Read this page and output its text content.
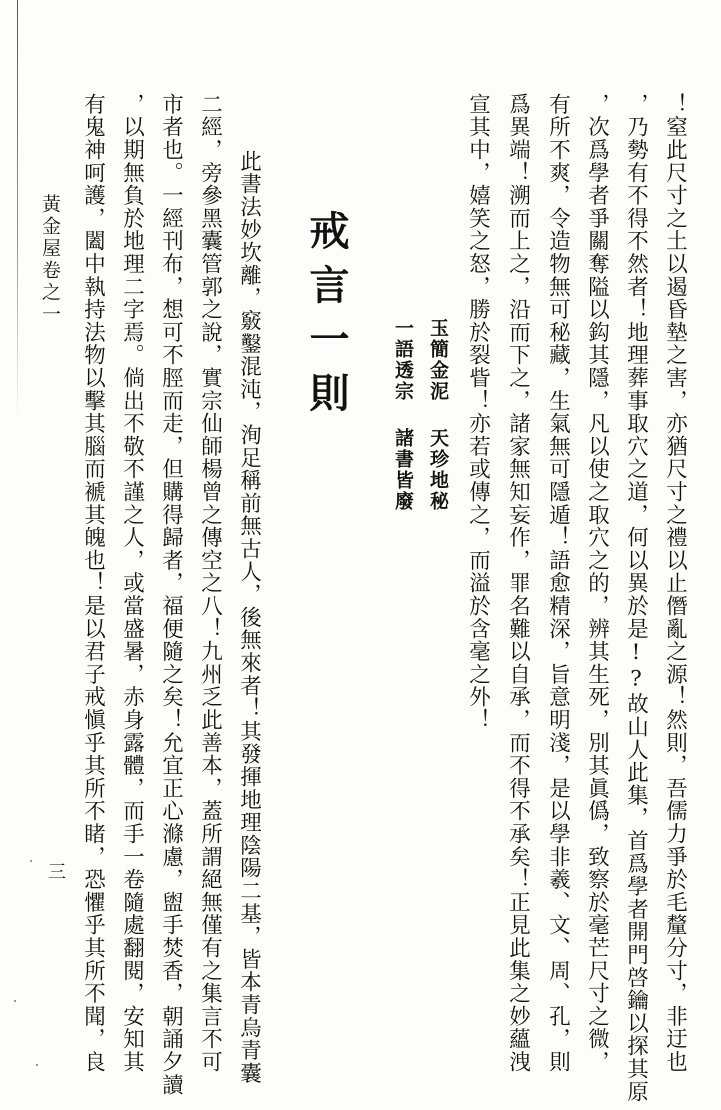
！窒此尺寸之土以遏昏墊之害，亦猶尺寸之禮以止僭亂之源！然則，吾儒力爭於毛釐分寸，非迂也
，乃勢有不得不然者！地理葬事取穴之道，何以異於是!?故山人此集，首爲學者開門啓鑰以探其原
，次爲學者爭關奪隘以鈎其隱，凡以使之取穴之的，辨其生死，別其眞僞，致察於毫芒尺寸之微，
有所不爽，令造物無可秘藏，生氣無可隱遁！語愈精深，旨意明淺，是以學非羲、文、周、孔，則
爲異端！溯而上之，沿而下之，諸家無知妄作，罪名難以自承，而不得不承矣！正見此集之妙蘊洩
宣其中，嬉笑之怒，勝於裂眥！亦若或傳之，而溢於含毫之外！
玉簡金泥
天珍地秘
一語透宗
諸書皆廢
戒言一則
此書法妙坎離，竅鑿混沌，洵足稱前無古人，後無來者！其發揮地理陰陽二基，皆本青烏青囊
二經，旁參黑囊管郭之說，實宗仙師楊曾之傳空之八！九州乏此善本，蓋所謂絕無僅有之集言不可
市者也。一經刊布，想可不脛而走，但購得歸者，福便隨之矣！允宜正心滌慮，盥手焚香，朝誦夕讀
，以期無負於地理二字焉。倘出不敬不謹之人，或當盛暑，赤身露體，而手一卷隨處翻閱，安知其
有鬼神呵護，闔中執持法物以擊其腦而褫其魄也！是以君子戒愼乎其所不睹，恐懼乎其所不聞，良
黃金屋卷之一
三
